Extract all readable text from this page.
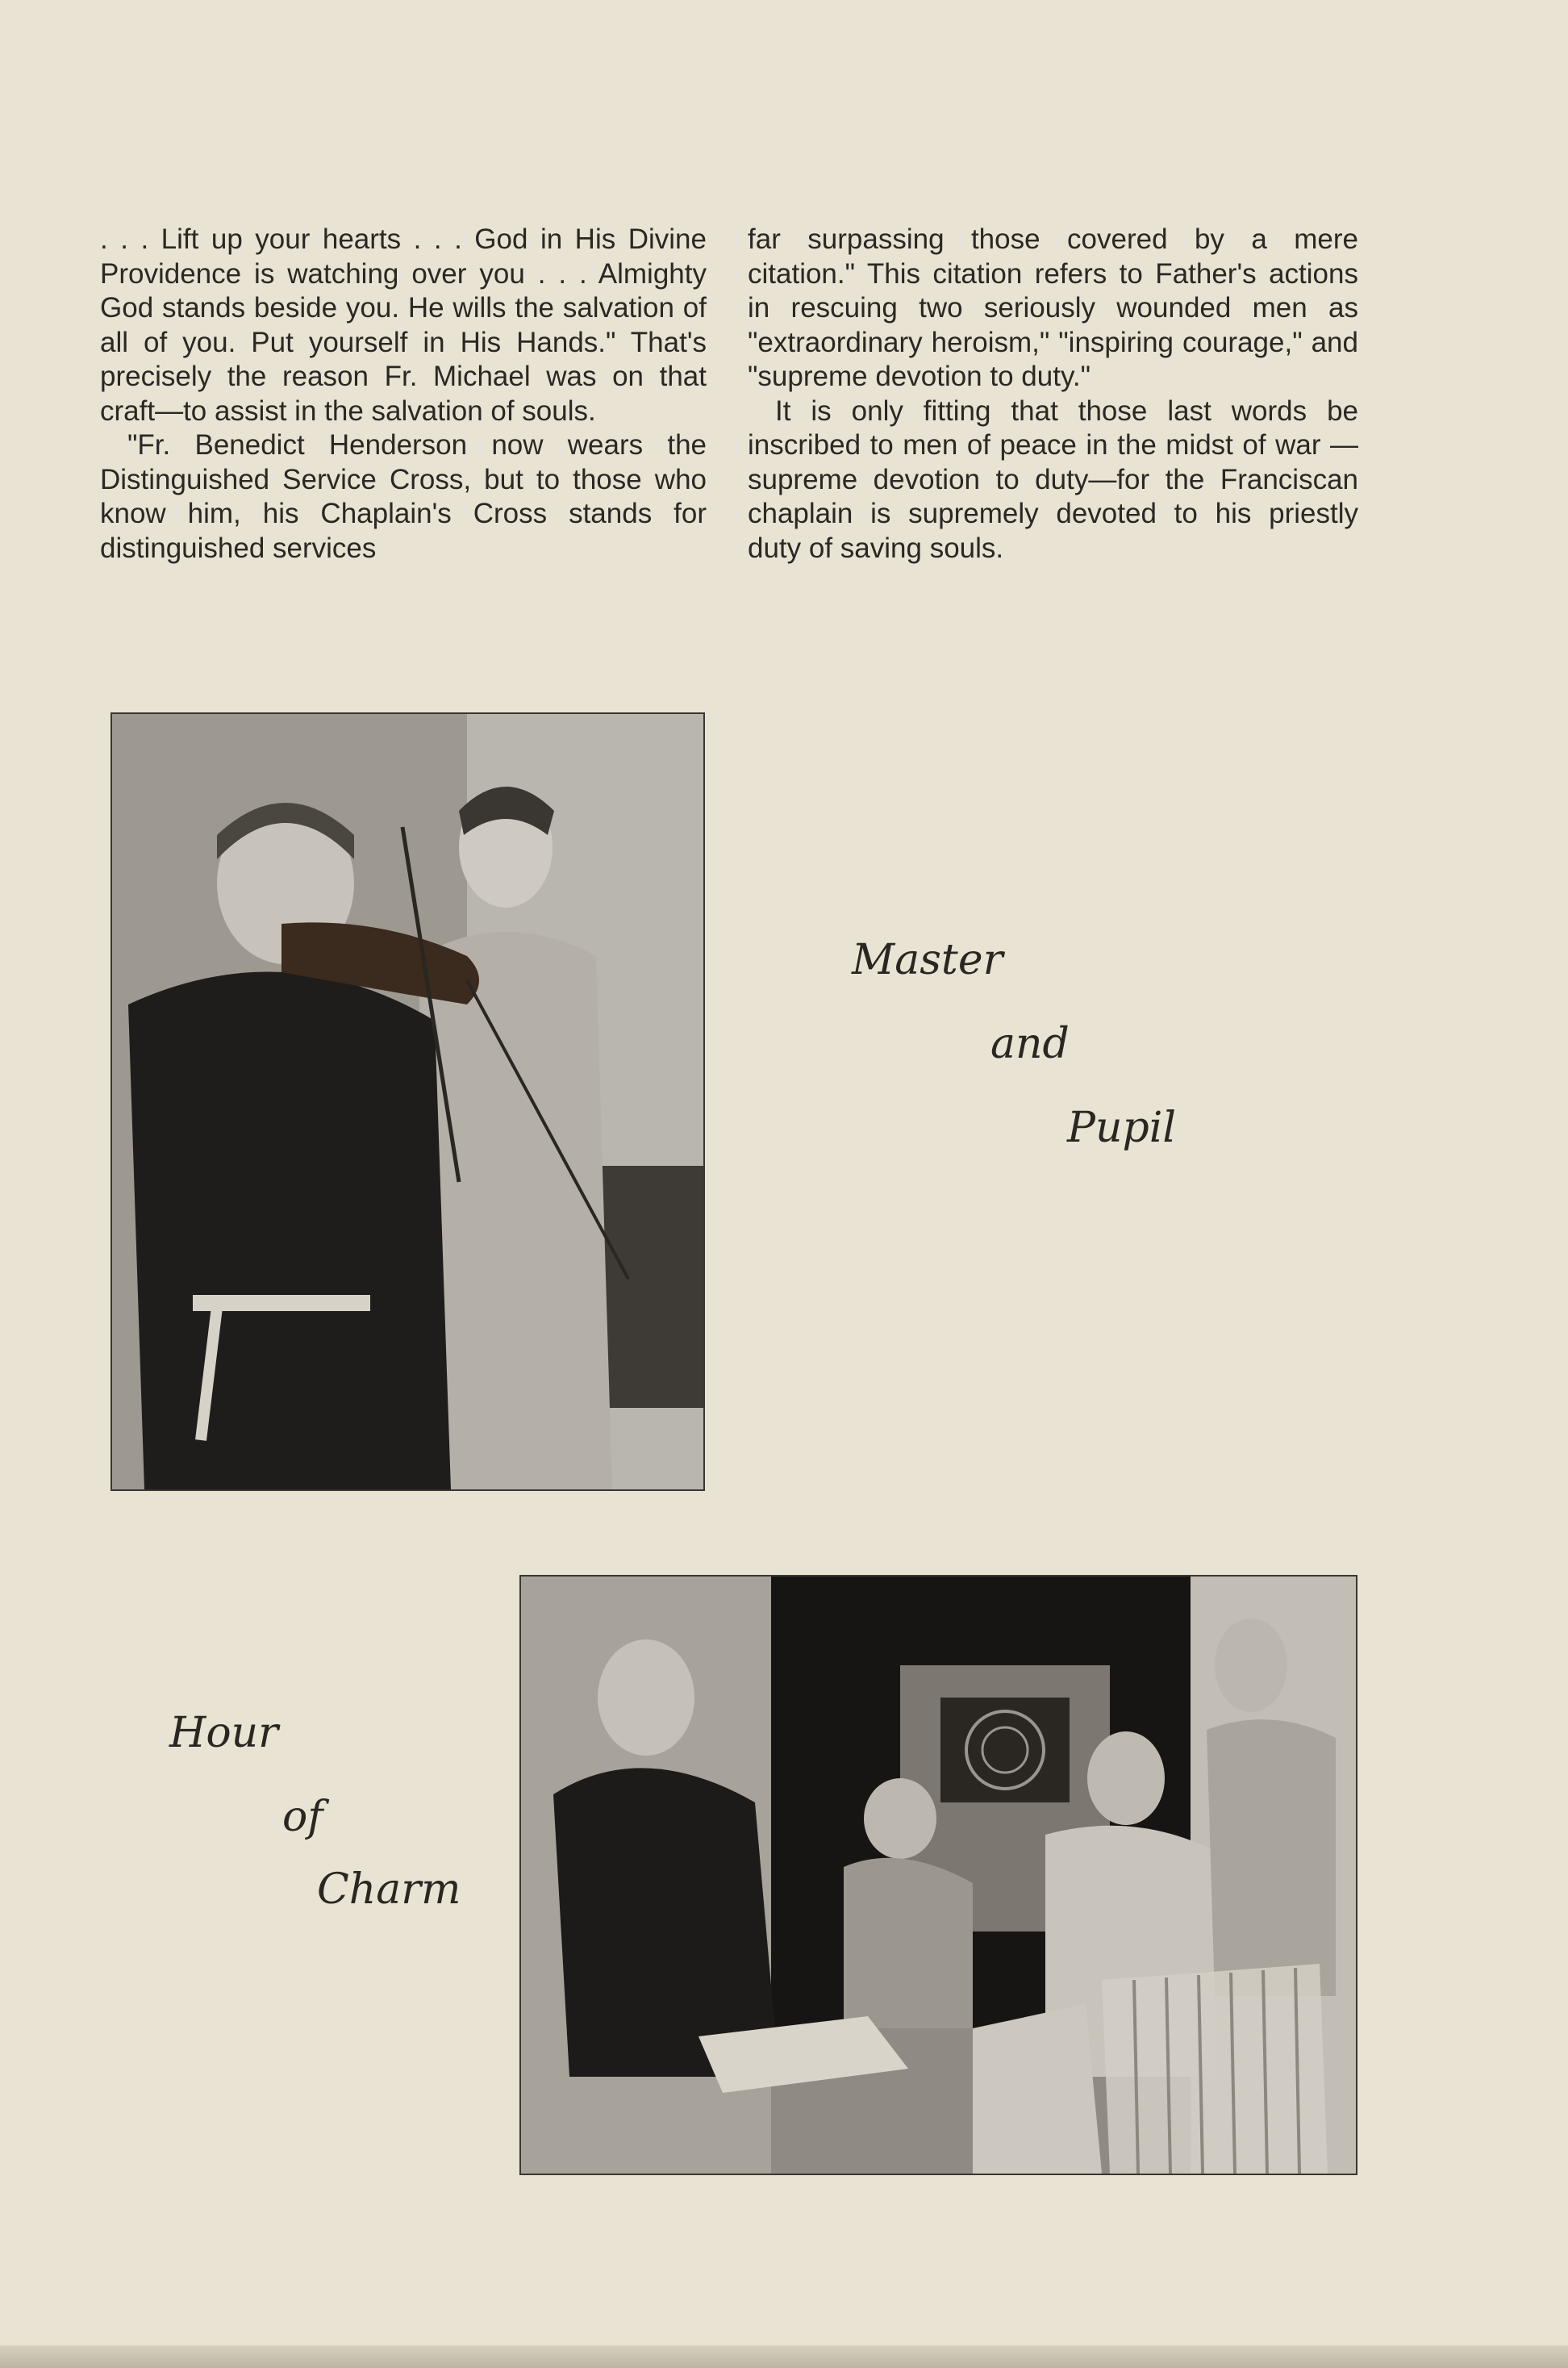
. . . Lift up your hearts . . . God in His Divine Providence is watching over you . . . Almighty God stands beside you. He wills the salvation of all of you. Put yourself in His Hands." That's precisely the reason Fr. Michael was on that craft—to assist in the salvation of souls.

"Fr. Benedict Henderson now wears the Distinguished Service Cross, but to those who know him, his Chaplain's Cross stands for distinguished services

far surpassing those covered by a mere citation." This citation refers to Father's actions in rescuing two seriously wounded men as "extraordinary heroism," "inspiring courage," and "supreme devotion to duty."

It is only fitting that those last words be inscribed to men of peace in the midst of war — supreme devotion to duty—for the Franciscan chaplain is supremely devoted to his priestly duty of saving souls.

Master
and
Pupil
Hour
of
Charm
